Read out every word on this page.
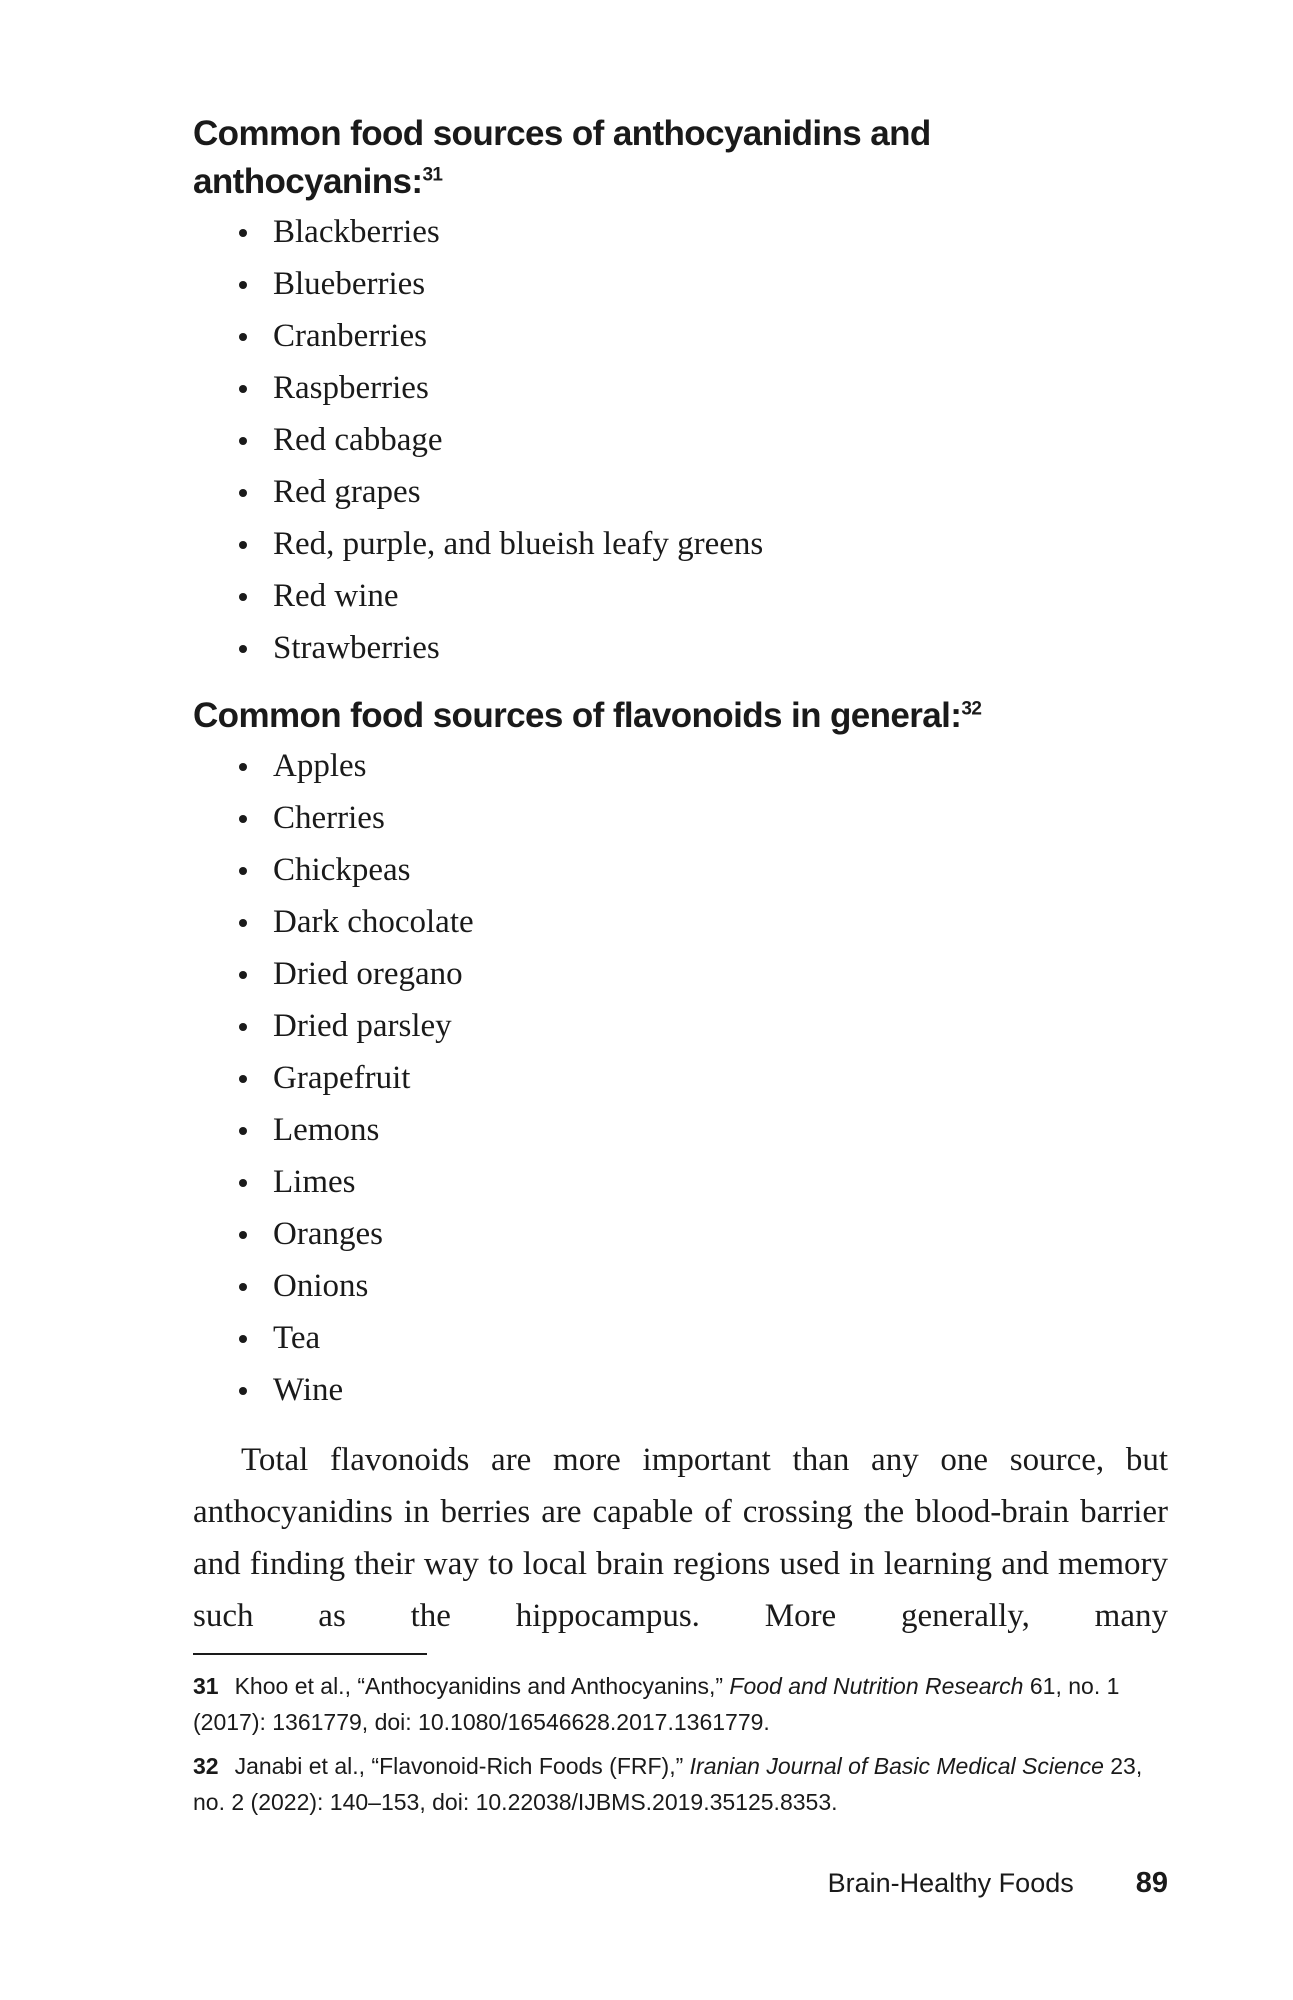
Common food sources of anthocyanidins and anthocyanins:$^{31}$
Blackberries
Blueberries
Cranberries
Raspberries
Red cabbage
Red grapes
Red, purple, and blueish leafy greens
Red wine
Strawberries
Common food sources of flavonoids in general:$^{32}$
Apples
Cherries
Chickpeas
Dark chocolate
Dried oregano
Dried parsley
Grapefruit
Lemons
Limes
Oranges
Onions
Tea
Wine

Total flavonoids are more important than any one source, but anthocyanidins in berries are capable of crossing the blood-brain barrier and finding their way to local brain regions used in learning and memory such as the hippocampus. More generally, many

31 Khoo et al., “Anthocyanidins and Anthocyanins,” Food and Nutrition Research 61, no. 1 (2017): 1361779, doi: 10.1080/16546628.2017.1361779.

32 Janabi et al., “Flavonoid-Rich Foods (FRF),” Iranian Journal of Basic Medical Science 23, no. 2 (2022): 140–153, doi: 10.22038/IJBMS.2019.35125.8353.

Brain-Healthy Foods 89
